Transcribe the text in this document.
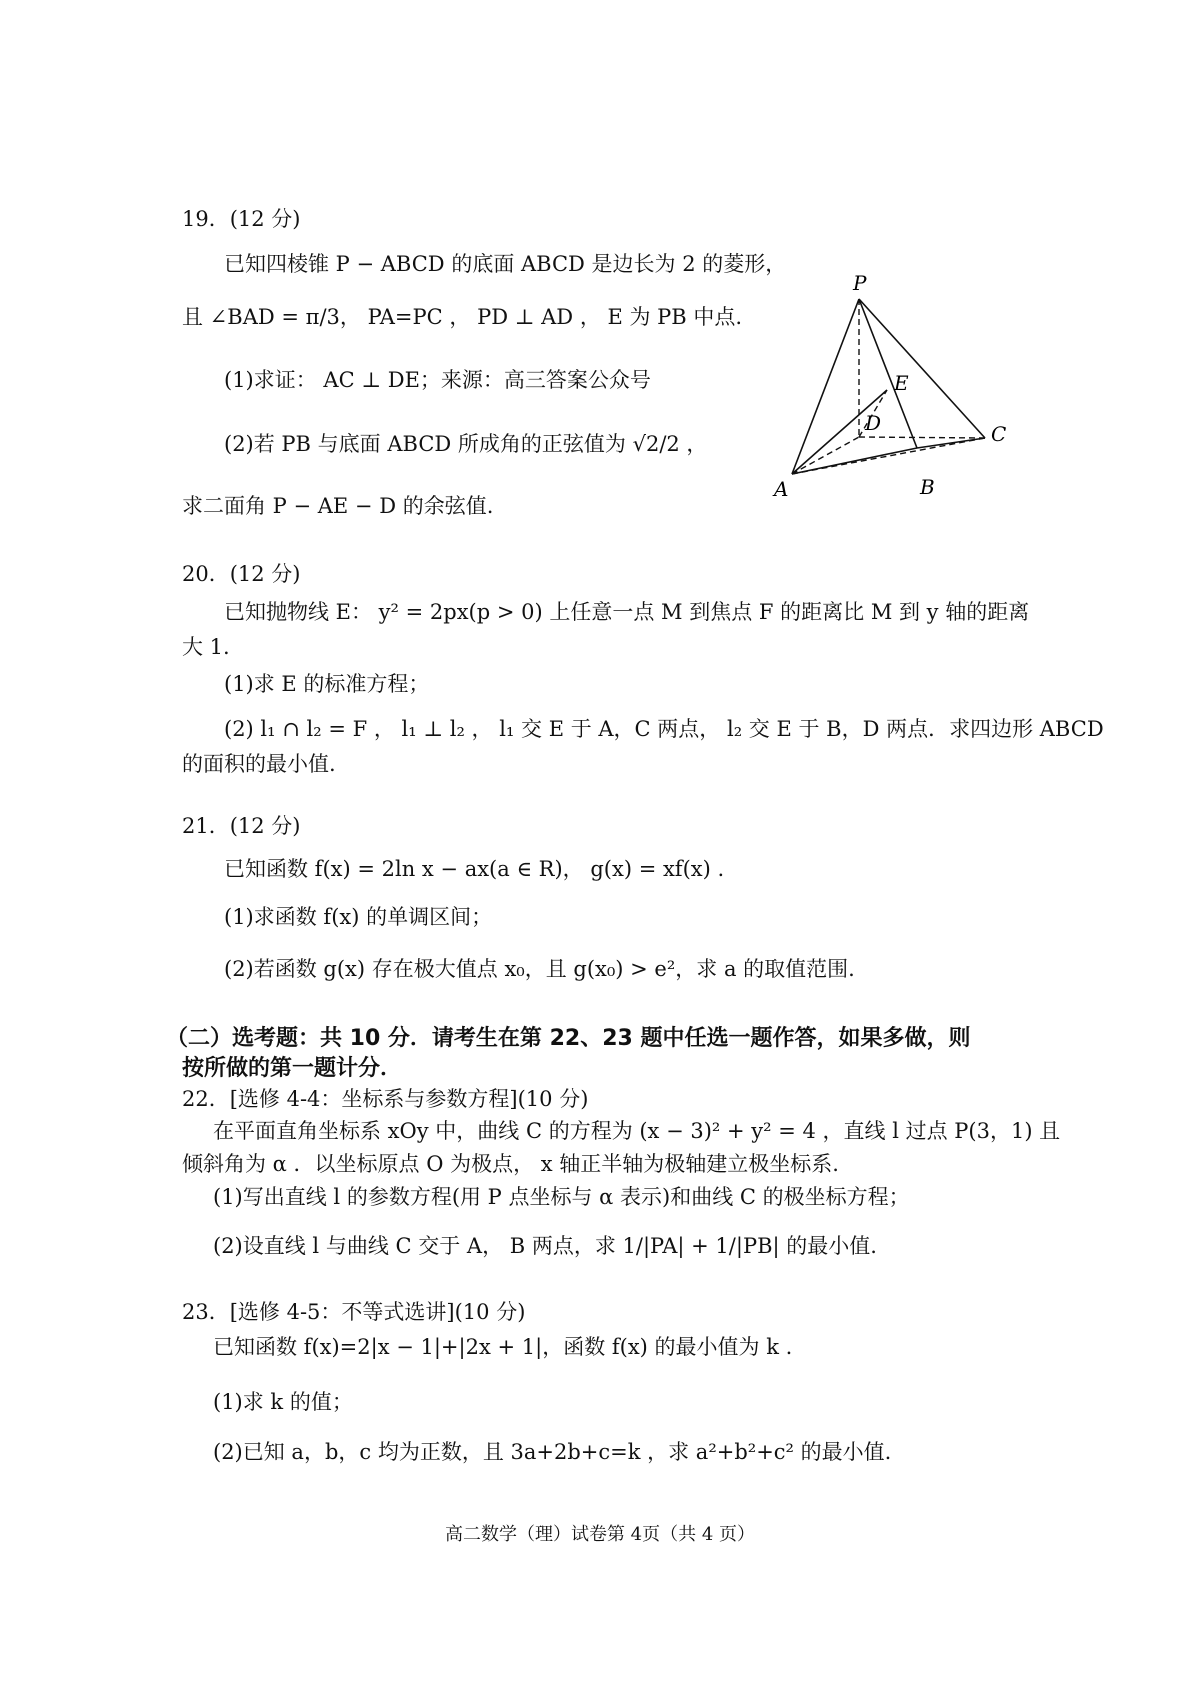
19．(12 分)
已知四棱锥 P − ABCD 的底面 ABCD 是边长为 2 的菱形，
且 ∠BAD = π/3， PA=PC ， PD ⊥ AD ， E 为 PB 中点.
(1)求证： AC ⊥ DE；来源：高三答案公众号
(2)若 PB 与底面 ABCD 所成角的正弦值为 √2/2 ，
求二面角 P − AE − D 的余弦值.
P
E
D	C
A	B
20．(12 分)
已知抛物线 E： y² = 2px(p > 0) 上任意一点 M 到焦点 F 的距离比 M 到 y 轴的距离
大 1.
(1)求 E 的标准方程；
(2) l₁ ∩ l₂ = F ， l₁ ⊥ l₂ ， l₁ 交 E 于 A，C 两点， l₂ 交 E 于 B，D 两点．求四边形 ABCD
的面积的最小值.
21．(12 分)
已知函数 f(x) = 2ln x − ax(a ∈ R)， g(x) = xf(x) .
(1)求函数 f(x) 的单调区间；
(2)若函数 g(x) 存在极大值点 x₀，且 g(x₀) > e²，求 a 的取值范围.
（二）选考题：共 10 分．请考生在第 22、23 题中任选一题作答，如果多做，则
按所做的第一题计分．
22．[选修 4-4：坐标系与参数方程](10 分)
在平面直角坐标系 xOy 中，曲线 C 的方程为 (x − 3)² + y² = 4 ，直线 l 过点 P(3，1) 且
倾斜角为 α ．以坐标原点 O 为极点， x 轴正半轴为极轴建立极坐标系.
(1)写出直线 l 的参数方程(用 P 点坐标与 α 表示)和曲线 C 的极坐标方程；
(2)设直线 l 与曲线 C 交于 A， B 两点，求 1/|PA| + 1/|PB| 的最小值.
23．[选修 4-5：不等式选讲](10 分)
已知函数 f(x)=2|x − 1|+|2x + 1|，函数 f(x) 的最小值为 k .
(1)求 k 的值；
(2)已知 a，b，c 均为正数，且 3a+2b+c=k ，求 a²+b²+c² 的最小值.
高二数学（理）试卷第 4页（共 4 页）
